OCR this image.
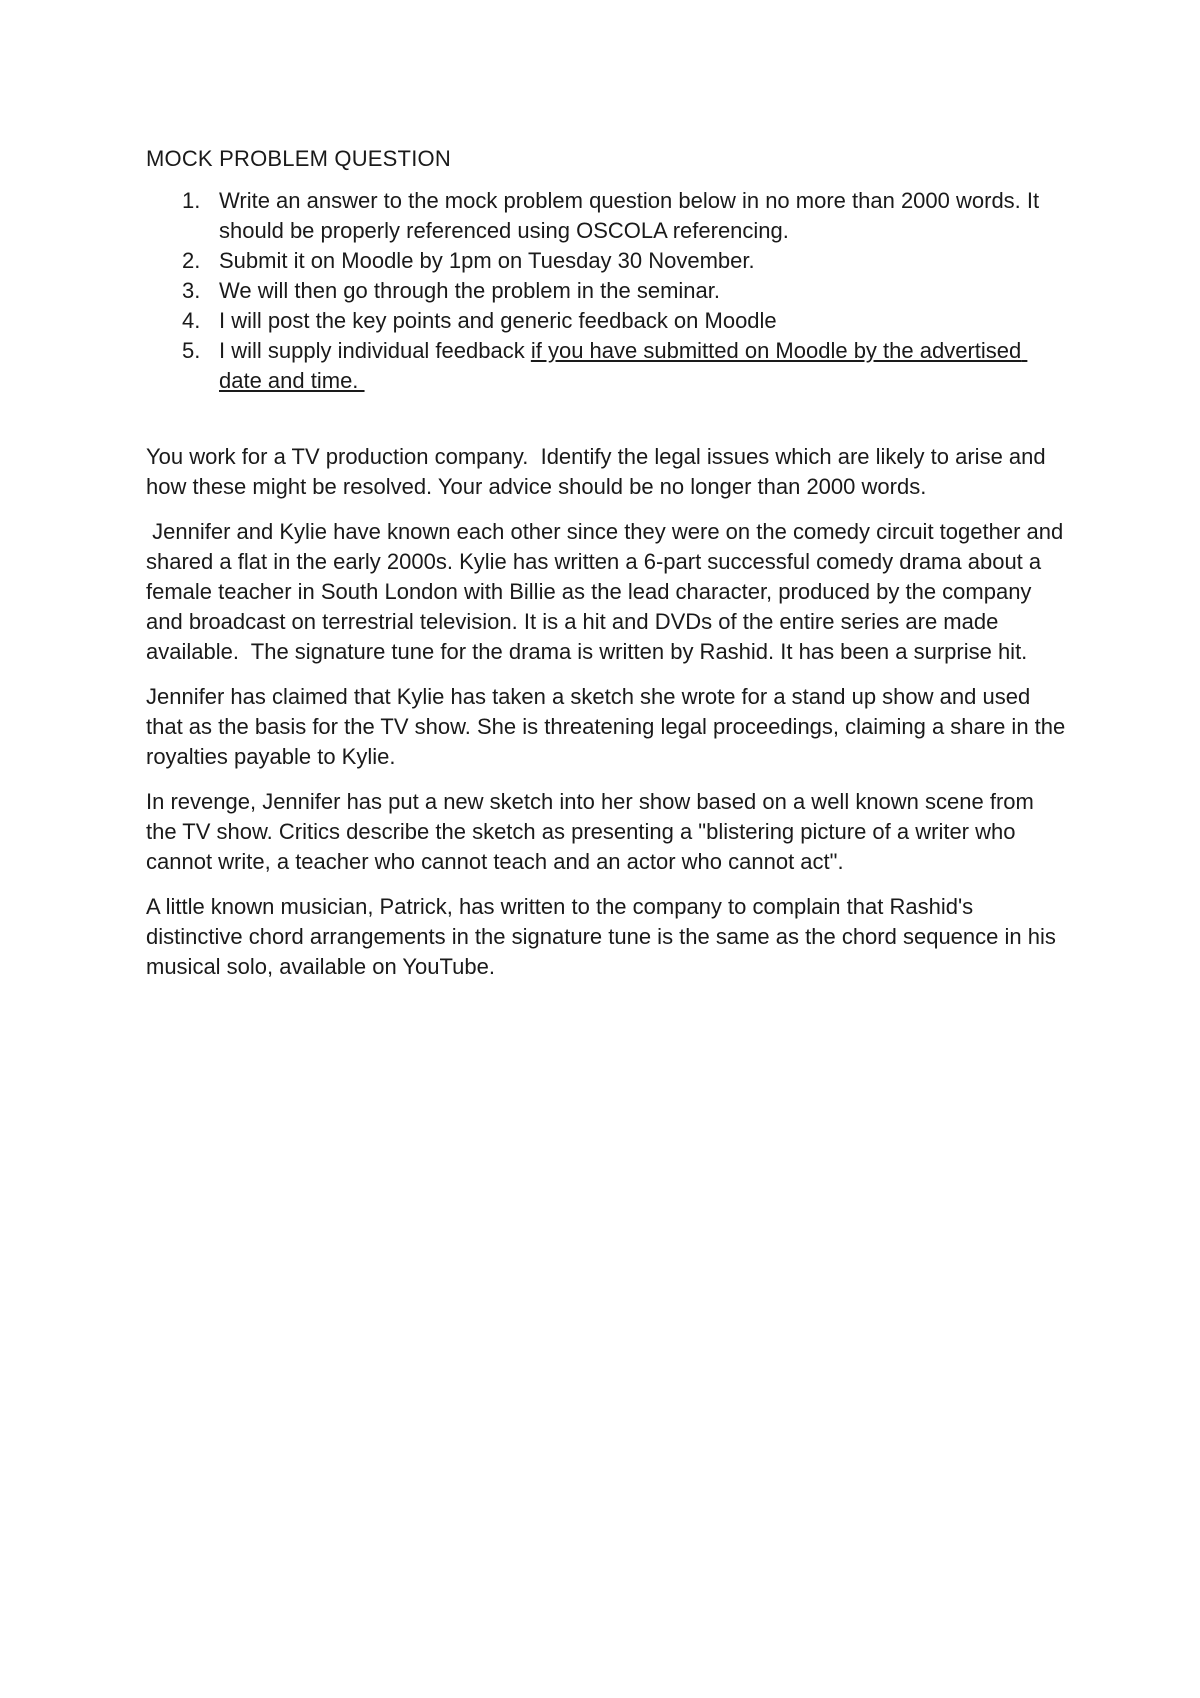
MOCK PROBLEM QUESTION
1. Write an answer to the mock problem question below in no more than 2000 words. It should be properly referenced using OSCOLA referencing.
2. Submit it on Moodle by 1pm on Tuesday 30 November.
3. We will then go through the problem in the seminar.
4. I will post the key points and generic feedback on Moodle
5. I will supply individual feedback if you have submitted on Moodle by the advertised date and time.

You work for a TV production company.  Identify the legal issues which are likely to arise and how these might be resolved. Your advice should be no longer than 2000 words.

Jennifer and Kylie have known each other since they were on the comedy circuit together and shared a flat in the early 2000s. Kylie has written a 6-part successful comedy drama about a female teacher in South London with Billie as the lead character, produced by the company and broadcast on terrestrial television. It is a hit and DVDs of the entire series are made available.  The signature tune for the drama is written by Rashid. It has been a surprise hit.

Jennifer has claimed that Kylie has taken a sketch she wrote for a stand up show and used that as the basis for the TV show. She is threatening legal proceedings, claiming a share in the royalties payable to Kylie.

In revenge, Jennifer has put a new sketch into her show based on a well known scene from the TV show. Critics describe the sketch as presenting a "blistering picture of a writer who cannot write, a teacher who cannot teach and an actor who cannot act".

A little known musician, Patrick, has written to the company to complain that Rashid's distinctive chord arrangements in the signature tune is the same as the chord sequence in his musical solo, available on YouTube.
